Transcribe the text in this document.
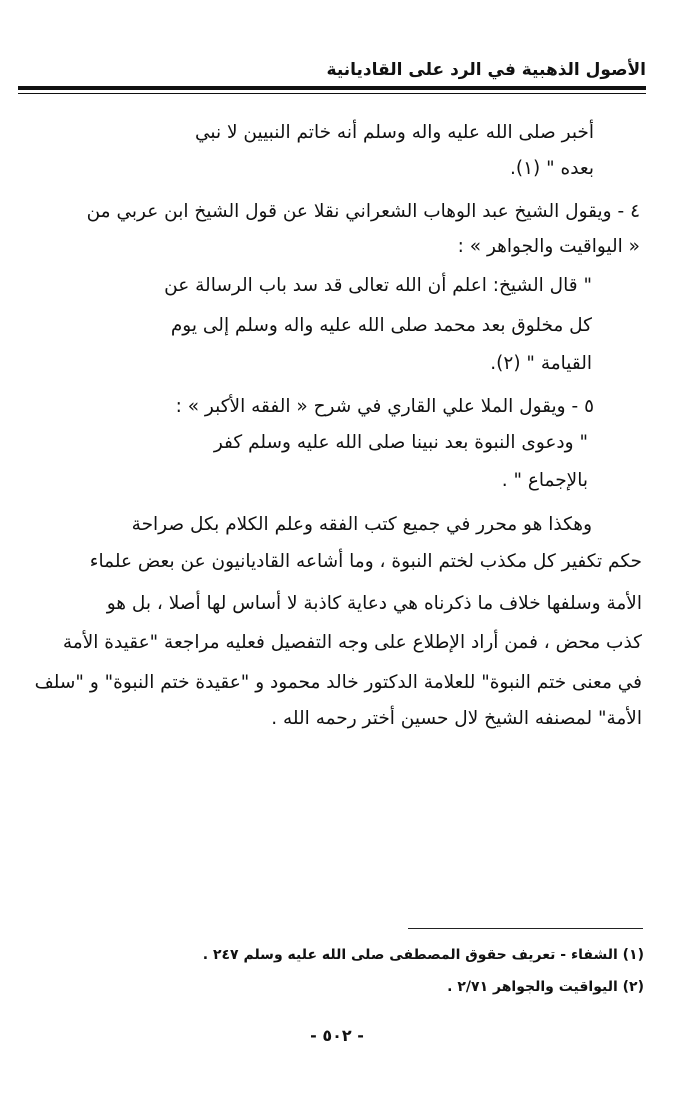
الأصول الذهبية في الرد على القاديانية
أخبر صلى الله عليه واله وسلم أنه خاتم النبيين لا نبي
بعده " (١).
٤ - ويقول الشيخ عبد الوهاب الشعراني نقلا عن قول الشيخ ابن عربي من
« اليواقيت والجواهر » :
" قال الشيخ: اعلم أن الله تعالى قد سد باب الرسالة عن
كل مخلوق بعد محمد صلى الله عليه واله وسلم إلى يوم
القيامة " (٢).
٥ - ويقول الملا علي القاري في شرح « الفقه الأكبر » :
" ودعوى النبوة بعد نبينا صلى الله عليه وسلم كفر
بالإجماع " .
وهكذا هو محرر في جميع كتب الفقه وعلم الكلام بكل صراحة
حكم تكفير كل مكذب لختم النبوة ، وما أشاعه القاديانيون عن بعض علماء
الأمة وسلفها خلاف ما ذكرناه هي دعاية كاذبة لا أساس لها أصلا ، بل هو
كذب محض ، فمن أراد الإطلاع على وجه التفصيل فعليه مراجعة "عقيدة الأمة
في معنى ختم النبوة" للعلامة الدكتور خالد محمود و "عقيدة ختم النبوة" و "سلف
الأمة" لمصنفه الشيخ لال حسين أختر رحمه الله .
(١) الشفاء - تعريف حقوق المصطفى صلى الله عليه وسلم ٢٤٧ .
(٢) اليواقيت والجواهر ٢/٧١ .
- ٥٠٢ -
